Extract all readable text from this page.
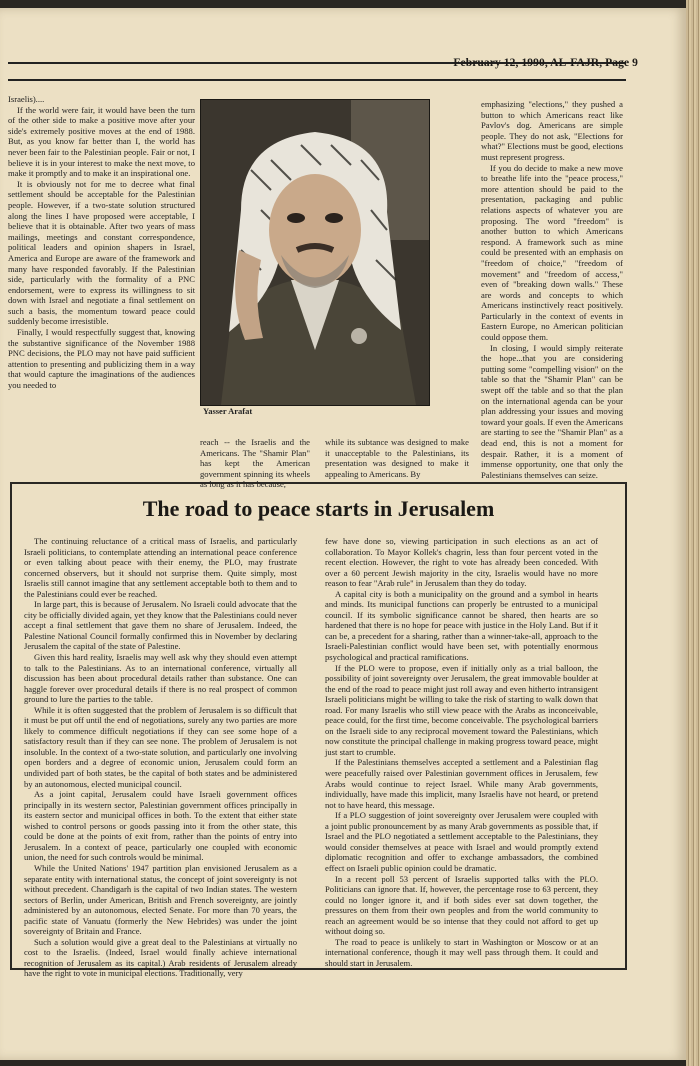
February 12, 1990, AL-FAJR, Page 9

Israelis)....

If the world were fair, it would have been the turn of the other side to make a positive move after your side's extremely positive moves at the end of 1988. But, as you know far better than I, the world has never been fair to the Palestinian people. Fair or not, I believe it is in your interest to make the next move, to make it promptly and to make it an inspirational one.

It is obviously not for me to decree what final settlement should be acceptable for the Palestinian people. However, if a two-state solution structured along the lines I have proposed were acceptable, I believe that it is obtainable. After two years of mass mailings, meetings and constant correspondence, political leaders and opinion shapers in Israel, America and Europe are aware of the framework and many have responded favorably. If the Palestinian side, particularly with the formality of a PNC endorsement, were to express its willingness to sit down with Israel and negotiate a final settlement on such a basis, the momentum toward peace could suddenly become irresistible.

Finally, I would respectfully suggest that, knowing the substantive significance of the November 1988 PNC decisions, the PLO may not have paid sufficient attention to presenting and publicizing them in a way that would capture the imaginations of the audiences you needed to

Yasser Arafat

reach -- the Israelis and the Americans. The "Shamir Plan" has kept the American government spinning its wheels as long as it has because,

while its subtance was designed to make it unacceptable to the Palestinians, its presentation was designed to make it appealing to Americans. By

emphasizing "elections," they pushed a button to which Americans react like Pavlov's dog. Americans are simple people. They do not ask, "Elections for what?" Elections must be good, elections must represent progress.

If you do decide to make a new move to breathe life into the "peace process," more attention should be paid to the presentation, packaging and public relations aspects of whatever you are proposing. The word "freedom" is another button to which Americans respond. A framework such as mine could be presented with an emphasis on "freedom of choice," "freedom of movement" and "freedom of access," even of "breaking down walls." These are words and concepts to which Americans instinctively react positively. Particularly in the context of events in Eastern Europe, no American politician could oppose them.

In closing, I would simply reiterate the hope...that you are considering putting some "compelling vision" on the table so that the "Shamir Plan" can be swept off the table and so that the plan on the international agenda can be your plan addressing your issues and moving toward your goals. If even the Americans are starting to see the "Shamir Plan" as a dead end, this is not a moment for despair. Rather, it is a moment of immense opportunity, one that only the Palestinians themselves can seize.

The road to peace starts in Jerusalem

The continuing reluctance of a critical mass of Israelis, and particularly Israeli politicians, to contemplate attending an international peace conference or even talking about peace with their enemy, the PLO, may frustrate concerned observers, but it should not surprise them. Quite simply, most Israelis still cannot imagine that any settlement acceptable both to them and to the Palestinians could ever be reached.

In large part, this is because of Jerusalem. No Israeli could advocate that the city be officially divided again, yet they know that the Palestinians could never accept a final settlement that gave them no share of Jerusalem. Indeed, the Palestine National Council formally confirmed this in November by declaring Jerusalem the capital of the state of Palestine.

Given this hard reality, Israelis may well ask why they should even attempt to talk to the Palestinians. As to an international conference, virtually all discussion has been about procedural details rather than substance. One can haggle forever over procedural details if there is no real prospect of common ground to lure the parties to the table.

While it is often suggested that the problem of Jerusalem is so difficult that it must be put off until the end of negotiations, surely any two parties are more likely to commence difficult negotiations if they can see some hope of a satisfactory result than if they can see none. The problem of Jerusalem is not insoluble. In the context of a two-state solution, and particularly one involving open borders and a degree of economic union, Jerusalem could form an undivided part of both states, be the capital of both states and be administered by an autonomous, elected municipal council.

As a joint capital, Jerusalem could have Israeli government offices principally in its western sector, Palestinian government offices principally in its eastern sector and municipal offices in both. To the extent that either state wished to control persons or goods passing into it from the other state, this could be done at the points of exit from, rather than the points of entry into Jerusalem. In a context of peace, particularly one coupled with economic union, the need for such controls would be minimal.

While the United Nations' 1947 partition plan envisioned Jerusalem as a separate entity with international status, the concept of joint sovereignty is not without precedent. Chandigarh is the capital of two Indian states. The western sectors of Berlin, under American, British and French sovereignty, are jointly administered by an autonomous, elected Senate. For more than 70 years, the pacific state of Vanuatu (formerly the New Hebrides) was under the joint sovereignty of Britain and France.

Such a solution would give a great deal to the Palestinians at virtually no cost to the Israelis. (Indeed, Israel would finally achieve international recognition of Jerusalem as its capital.) Arab residents of Jerusalem already have the right to vote in municipal elections. Traditionally, very

few have done so, viewing participation in such elections as an act of collaboration. To Mayor Kollek's chagrin, less than four percent voted in the recent election. However, the right to vote has already been conceded. With over a 60 percent Jewish majority in the city, Israelis would have no more reason to fear "Arab rule" in Jerusalem than they do today.

A capital city is both a municipality on the ground and a symbol in hearts and minds. Its municipal functions can properly be entrusted to a municipal council. If its symbolic significance cannot be shared, then hearts are so hardened that there is no hope for peace with justice in the Holy Land. But if it can be, a precedent for a sharing, rather than a winner-take-all, approach to the Israeli-Palestinian conflict would have been set, with potentially enormous psychological and practical ramifications.

If the PLO were to propose, even if initially only as a trial balloon, the possibility of joint sovereignty over Jerusalem, the great immovable boulder at the end of the road to peace might just roll away and even hitherto intransigent Israeli politicians might be willing to take the risk of starting to walk down that road. For many Israelis who still view peace with the Arabs as inconceivable, peace could, for the first time, become conceivable. The psychological barriers on the Israeli side to any reciprocal movement toward the Palestinians, which now constitute the principal challenge in making progress toward peace, might just start to crumble.

If the Palestinians themselves accepted a settlement and a Palestinian flag were peacefully raised over Palestinian government offices in Jerusalem, few Arabs would continue to reject Israel. While many Arab governments, individually, have made this implicit, many Israelis have not heard, or pretend not to have heard, this message.

If a PLO suggestion of joint sovereignty over Jerusalem were coupled with a joint public pronouncement by as many Arab governments as possible that, if Israel and the PLO negotiated a settlement acceptable to the Palestinians, they would consider themselves at peace with Israel and would promptly extend diplomatic recognition and offer to exchange ambassadors, the combined effect on Israeli public opinion could be dramatic.

In a recent poll 53 percent of Israelis supported talks with the PLO. Politicians can ignore that. If, however, the percentage rose to 63 percent, they could no longer ignore it, and if both sides ever sat down together, the pressures on them from their own peoples and from the world community to reach an agreement would be so intense that they could not afford to get up without doing so.

The road to peace is unlikely to start in Washington or Moscow or at an international conference, though it may well pass through them. It could and should start in Jerusalem.
